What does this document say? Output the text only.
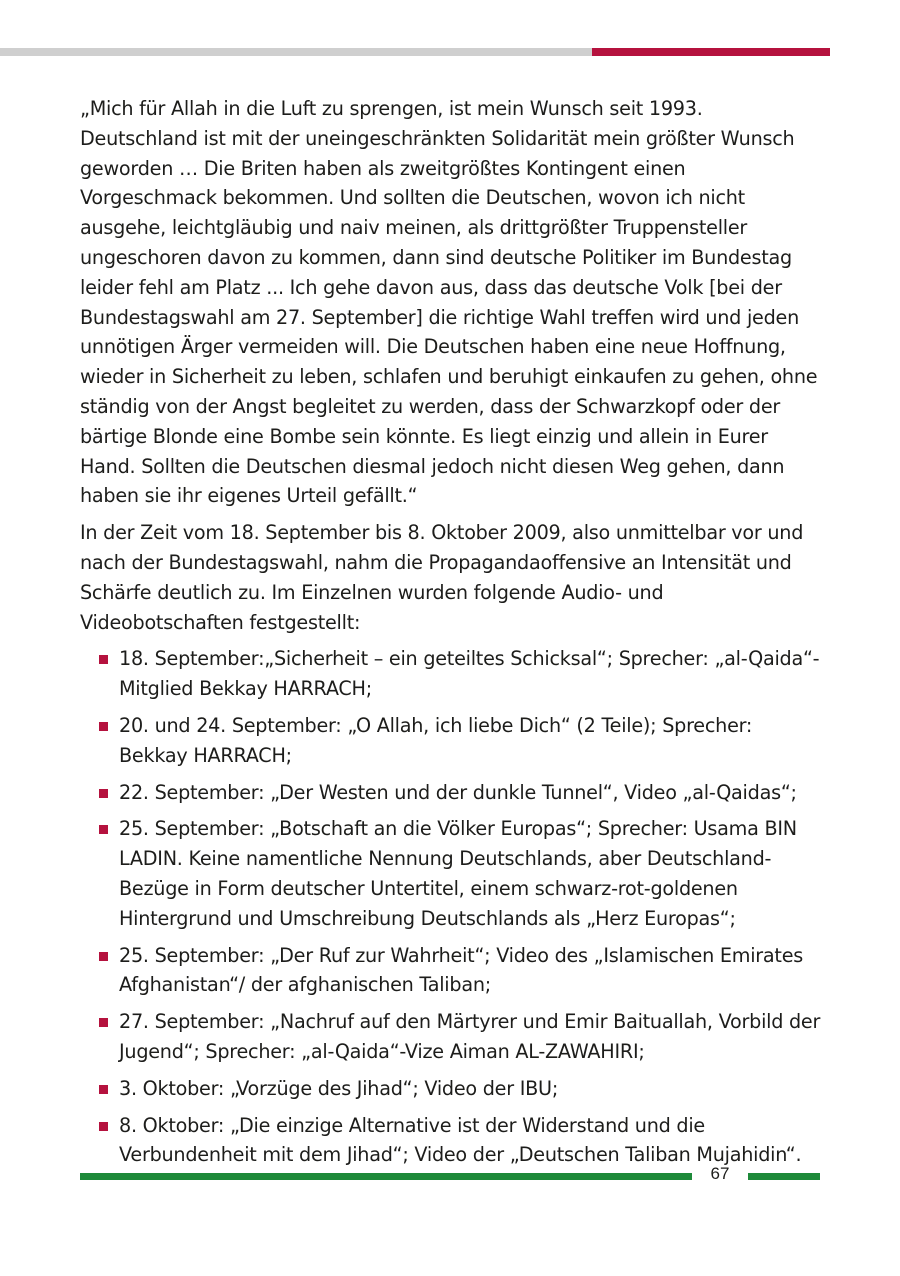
„Mich für Allah in die Luft zu sprengen, ist mein Wunsch seit 1993. Deutschland ist mit der uneingeschränkten Solidarität mein größter Wunsch geworden … Die Briten haben als zweitgrößtes Kontingent einen Vorgeschmack bekommen. Und sollten die Deutschen, wovon ich nicht ausgehe, leichtgläubig und naiv meinen, als drittgrößter Truppensteller ungeschoren davon zu kommen, dann sind deutsche Politiker im Bundestag leider fehl am Platz ... Ich gehe davon aus, dass das deutsche Volk [bei der Bundestagswahl am 27. September] die richtige Wahl treffen wird und jeden unnötigen Ärger vermeiden will. Die Deutschen haben eine neue Hoffnung, wieder in Sicherheit zu leben, schlafen und beruhigt einkaufen zu gehen, ohne ständig von der Angst begleitet zu werden, dass der Schwarzkopf oder der bärtige Blonde eine Bombe sein könnte. Es liegt einzig und allein in Eurer Hand. Sollten die Deutschen diesmal jedoch nicht diesen Weg gehen, dann haben sie ihr eigenes Urteil gefällt.“

In der Zeit vom 18. September bis 8. Oktober 2009, also unmittelbar vor und nach der Bundestagswahl, nahm die Propagandaoffensive an Intensität und Schärfe deutlich zu. Im Einzelnen wurden folgende Audio- und Videobotschaften festgestellt:

18. September:„Sicherheit – ein geteiltes Schicksal“; Sprecher: „al-Qaida“-Mitglied Bekkay HARRACH;
20. und 24. September: „O Allah, ich liebe Dich“ (2 Teile); Sprecher: Bekkay HARRACH;
22. September: „Der Westen und der dunkle Tunnel“, Video „al-Qaidas“;
25. September: „Botschaft an die Völker Europas“; Sprecher: Usama BIN LADIN. Keine namentliche Nennung Deutschlands, aber Deutschland-Bezüge in Form deutscher Untertitel, einem schwarz-rot-goldenen Hintergrund und Umschreibung Deutschlands als „Herz Europas“;
25. September: „Der Ruf zur Wahrheit“; Video des „Islamischen Emirates Afghanistan“/ der afghanischen Taliban;
27. September: „Nachruf auf den Märtyrer und Emir Baituallah, Vorbild der Jugend“; Sprecher: „al-Qaida“-Vize Aiman AL-ZAWAHIRI;
3. Oktober: „Vorzüge des Jihad“; Video der IBU;
8. Oktober: „Die einzige Alternative ist der Widerstand und die Verbundenheit mit dem Jihad“; Video der „Deutschen Taliban Mujahidin“.
67
